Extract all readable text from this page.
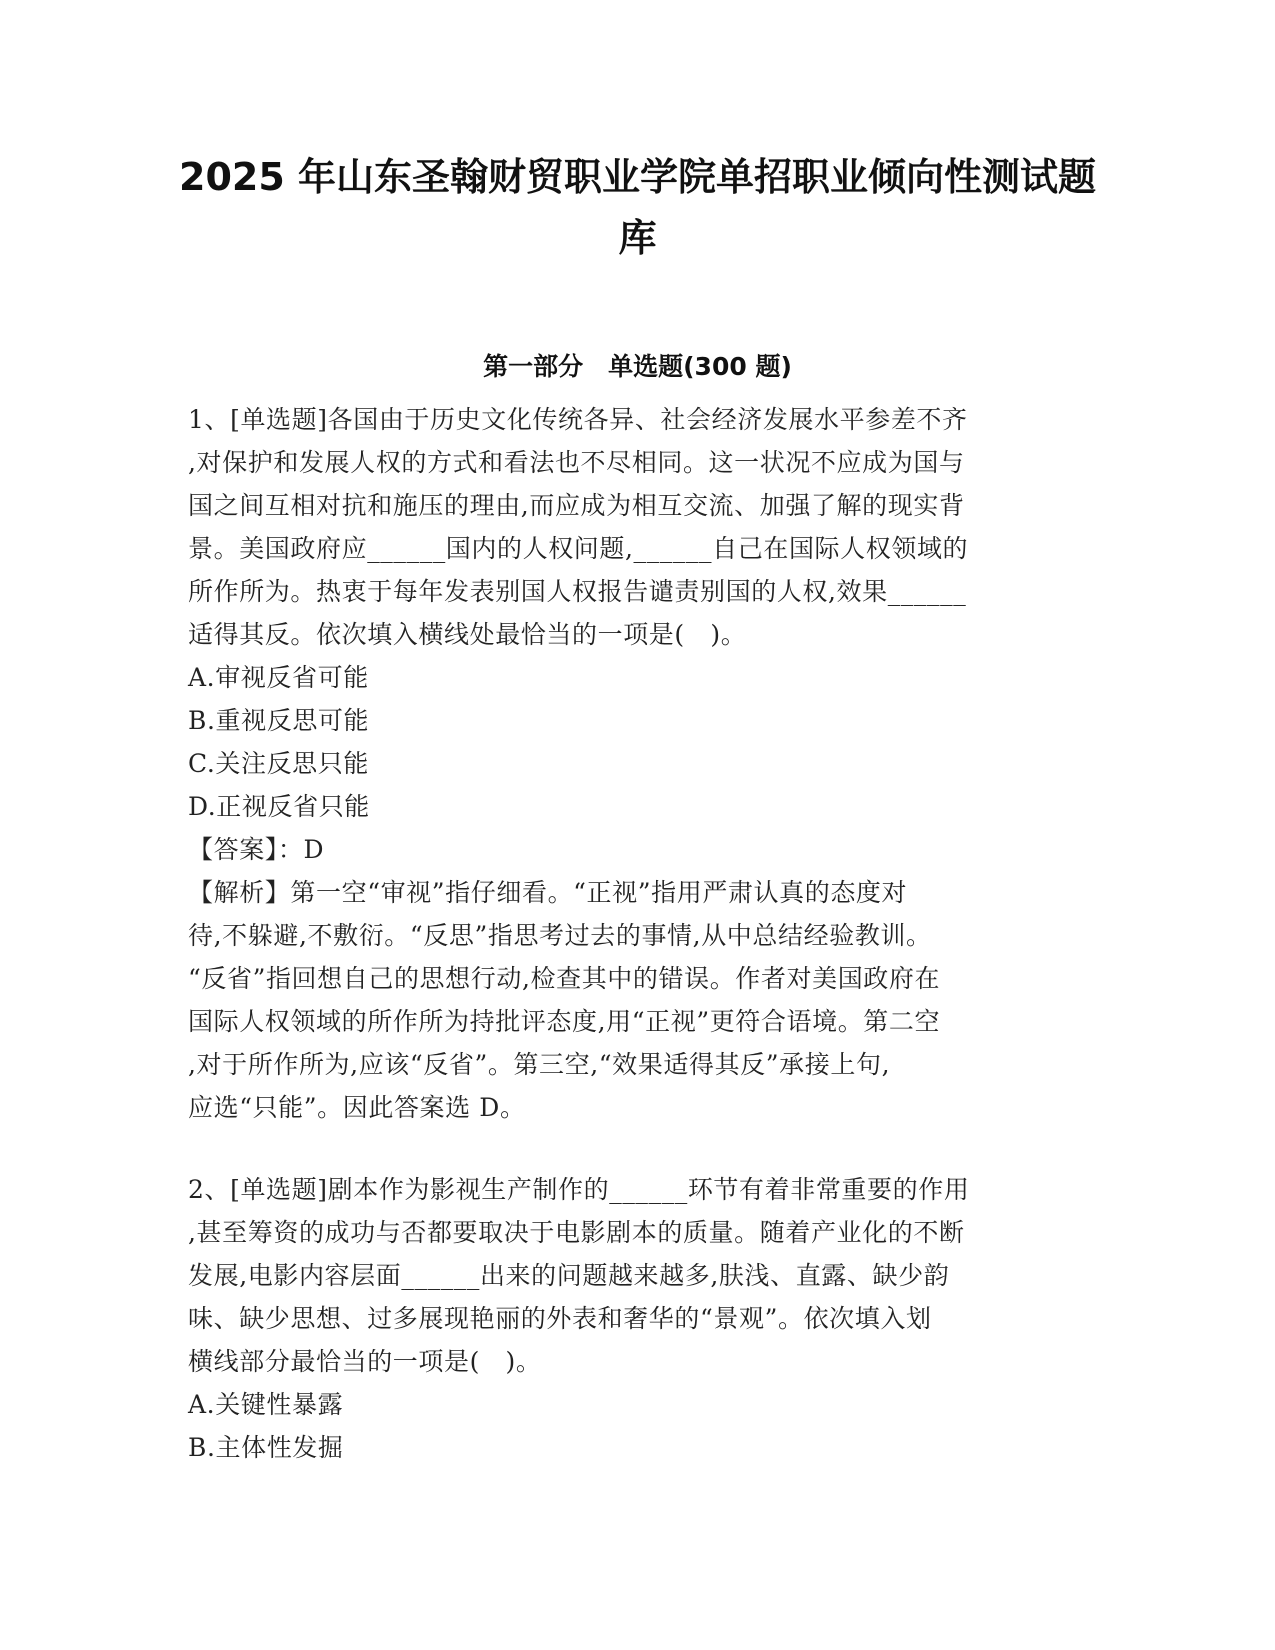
2025 年山东圣翰财贸职业学院单招职业倾向性测试题
库
第一部分　单选题(300 题)
1、[单选题]各国由于历史文化传统各异、社会经济发展水平参差不齐
,对保护和发展人权的方式和看法也不尽相同。这一状况不应成为国与
国之间互相对抗和施压的理由,而应成为相互交流、加强了解的现实背
景。美国政府应______国内的人权问题,______自己在国际人权领域的
所作所为。热衷于每年发表别国人权报告谴责别国的人权,效果______
适得其反。依次填入横线处最恰当的一项是(　)。
A.审视反省可能
B.重视反思可能
C.关注反思只能
D.正视反省只能
【答案】：D
【解析】第一空“审视”指仔细看。“正视”指用严肃认真的态度对
待,不躲避,不敷衍。“反思”指思考过去的事情,从中总结经验教训。
“反省”指回想自己的思想行动,检查其中的错误。作者对美国政府在
国际人权领域的所作所为持批评态度,用“正视”更符合语境。第二空
,对于所作所为,应该“反省”。第三空,“效果适得其反”承接上句,
应选“只能”。因此答案选 D。
2、[单选题]剧本作为影视生产制作的______环节有着非常重要的作用
,甚至筹资的成功与否都要取决于电影剧本的质量。随着产业化的不断
发展,电影内容层面______出来的问题越来越多,肤浅、直露、缺少韵
味、缺少思想、过多展现艳丽的外表和奢华的“景观”。依次填入划
横线部分最恰当的一项是(　)。
A.关键性暴露
B.主体性发掘
